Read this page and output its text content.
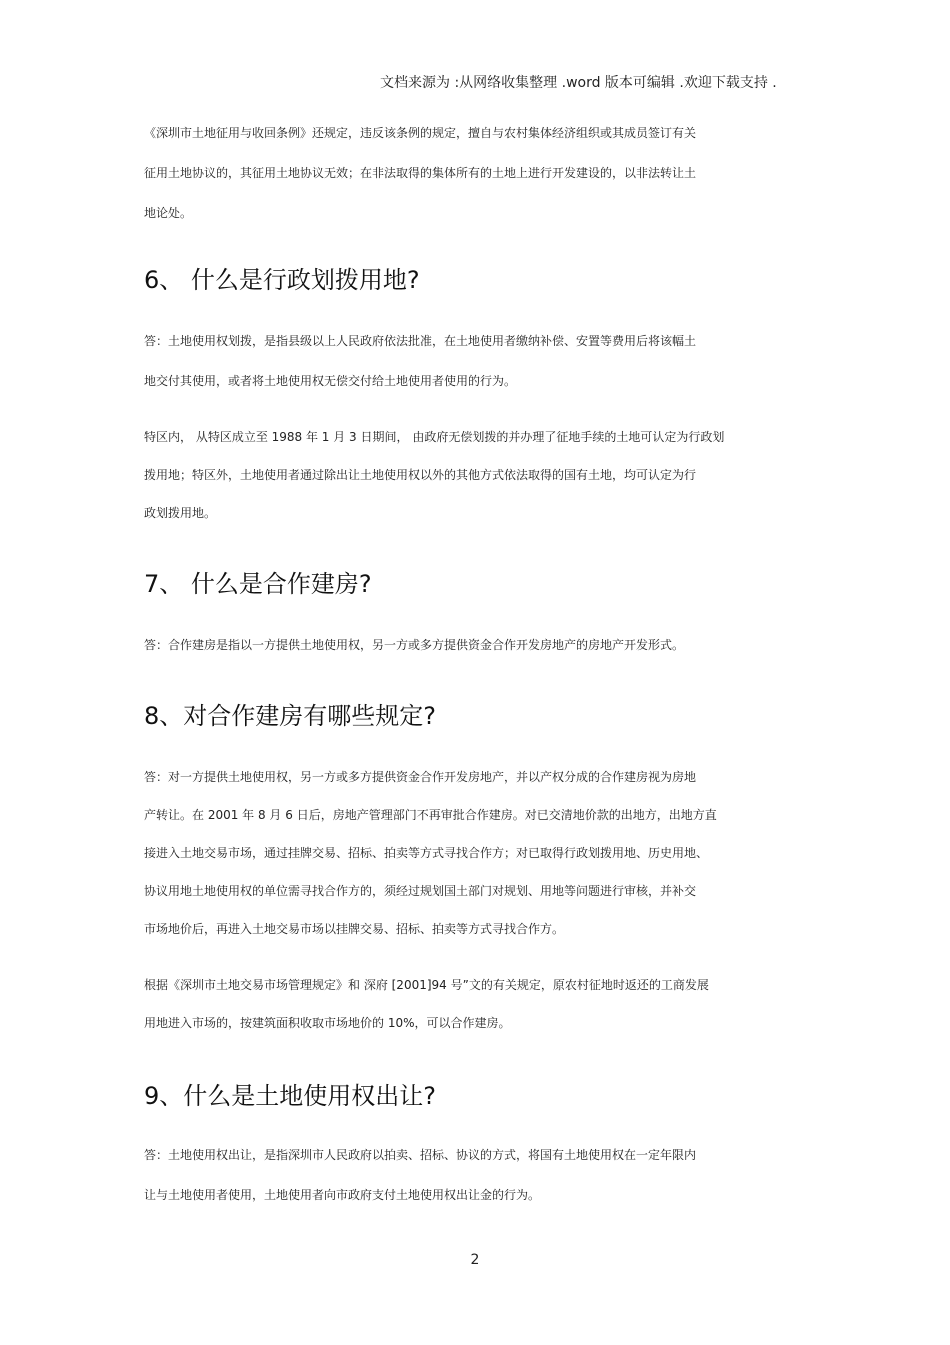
文档来源为 :从网络收集整理 .word 版本可编辑 .欢迎下载支持 .

《深圳市土地征用与收回条例》还规定，违反该条例的规定，擅自与农村集体经济组织或其成员签订有关

征用土地协议的，其征用土地协议无效；在非法取得的集体所有的土地上进行开发建设的，以非法转让土

地论处。

6、 什么是行政划拨用地?

答：土地使用权划拨，是指县级以上人民政府依法批准，在土地使用者缴纳补偿、安置等费用后将该幅土

地交付其使用，或者将土地使用权无偿交付给土地使用者使用的行为。

特区内， 从特区成立至 1988 年 1 月 3 日期间， 由政府无偿划拨的并办理了征地手续的土地可认定为行政划

拨用地；特区外，土地使用者通过除出让土地使用权以外的其他方式依法取得的国有土地，均可认定为行

政划拨用地。

7、 什么是合作建房?

答：合作建房是指以一方提供土地使用权，另一方或多方提供资金合作开发房地产的房地产开发形式。

8、对合作建房有哪些规定?

答：对一方提供土地使用权，另一方或多方提供资金合作开发房地产，并以产权分成的合作建房视为房地

产转让。在 2001 年 8 月 6 日后，房地产管理部门不再审批合作建房。对已交清地价款的出地方，出地方直

接进入土地交易市场，通过挂牌交易、招标、拍卖等方式寻找合作方；对已取得行政划拨用地、历史用地、

协议用地土地使用权的单位需寻找合作方的，须经过规划国土部门对规划、用地等问题进行审核，并补交

市场地价后，再进入土地交易市场以挂牌交易、招标、拍卖等方式寻找合作方。

根据《深圳市土地交易市场管理规定》和 深府 [2001]94 号”文的有关规定，原农村征地时返还的工商发展

用地进入市场的，按建筑面积收取市场地价的 10%，可以合作建房。

9、什么是土地使用权出让?

答：土地使用权出让，是指深圳市人民政府以拍卖、招标、协议的方式，将国有土地使用权在一定年限内

让与土地使用者使用，土地使用者向市政府支付土地使用权出让金的行为。

2
